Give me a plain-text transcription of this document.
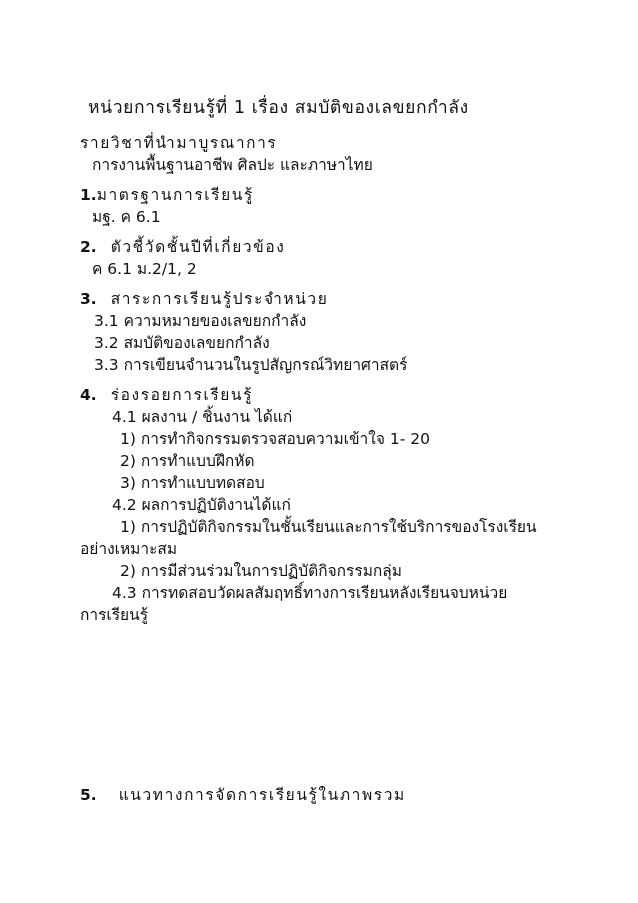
หน่วยการเรียนรู้ที่ 1 เรื่อง สมบัติของเลขยกกำลัง
รายวิชาที่นำมาบูรณาการ
การงานพื้นฐานอาชีพ ศิลปะ และภาษาไทย
1.มาตรฐานการเรียนรู้
มฐ. ค 6.1
2. ตัวชี้วัดชั้นปีที่เกี่ยวข้อง
ค 6.1 ม.2/1, 2
3. สาระการเรียนรู้ประจำหน่วย
3.1 ความหมายของเลขยกกำลัง
3.2 สมบัติของเลขยกกำลัง
3.3 การเขียนจำนวนในรูปสัญกรณ์วิทยาศาสตร์
4. ร่องรอยการเรียนรู้
4.1 ผลงาน / ชิ้นงาน ได้แก่
1) การทำกิจกรรมตรวจสอบความเข้าใจ 1- 20
2) การทำแบบฝึกหัด
3) การทำแบบทดสอบ
4.2 ผลการปฏิบัติงานได้แก่
1) การปฏิบัติกิจกรรมในชั้นเรียนและการใช้บริการของโรงเรียน
อย่างเหมาะสม
2) การมีส่วนร่วมในการปฏิบัติกิจกรรมกลุ่ม
4.3 การทดสอบวัดผลสัมฤทธิ์ทางการเรียนหลังเรียนจบหน่วย
การเรียนรู้
5. แนวทางการจัดการเรียนรู้ในภาพรวม
